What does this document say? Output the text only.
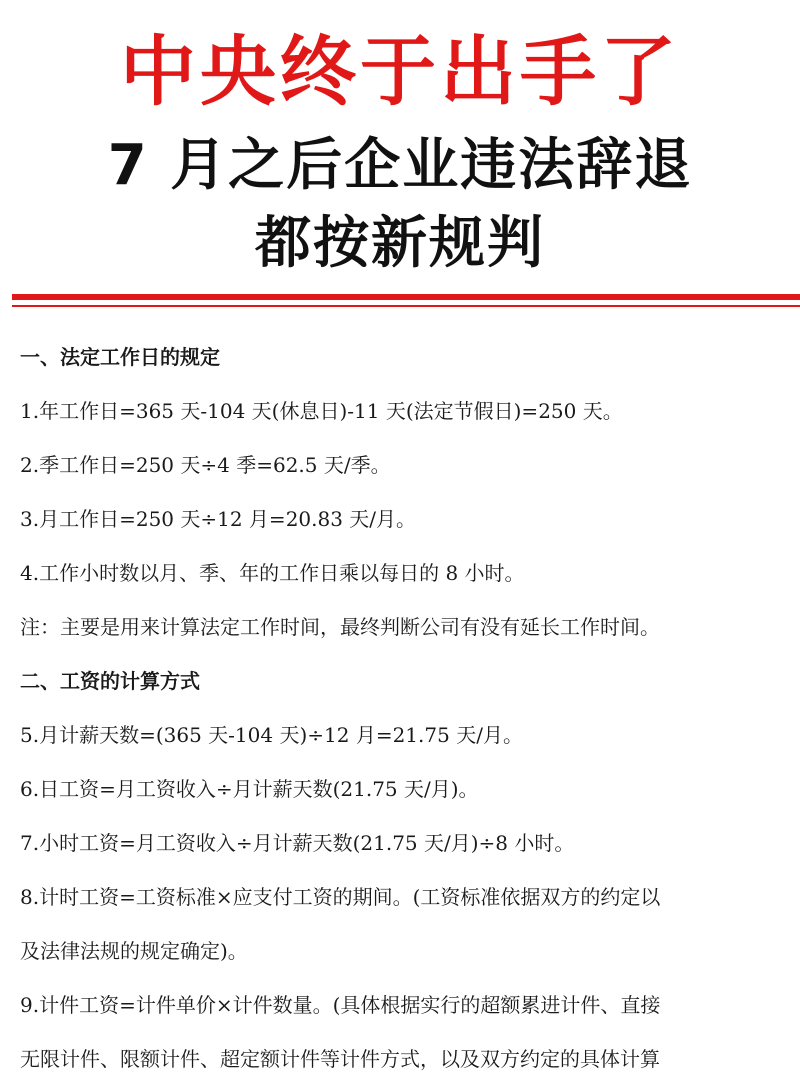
中央终于出手了
7 月之后企业违法辞退
都按新规判

一、法定工作日的规定

1.年工作日=365 天-104 天(休息日)-11 天(法定节假日)=250 天。

2.季工作日=250 天÷4 季=62.5 天/季。

3.月工作日=250 天÷12 月=20.83 天/月。

4.工作小时数以月、季、年的工作日乘以每日的 8 小时。

注：主要是用来计算法定工作时间，最终判断公司有没有延长工作时间。

二、工资的计算方式

5.月计薪天数=(365 天-104 天)÷12 月=21.75 天/月。

6.日工资=月工资收入÷月计薪天数(21.75 天/月)。

7.小时工资=月工资收入÷月计薪天数(21.75 天/月)÷8 小时。

8.计时工资=工资标准×应支付工资的期间。(工资标准依据双方的约定以

及法律法规的规定确定)。

9.计件工资=计件单价×计件数量。(具体根据实行的超额累进计件、直接

无限计件、限额计件、超定额计件等计件方式，以及双方约定的具体计算
